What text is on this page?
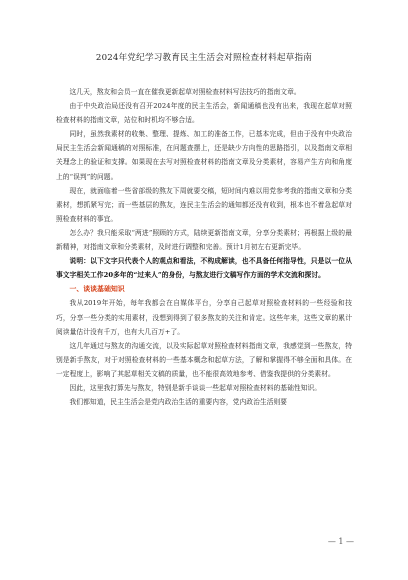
2024年党纪学习教育民主生活会对照检查材料起草指南

这几天，熬友和会员一直在催我更新起草对照检查材料写法技巧的指南文章。

由于中央政治局还没有召开2024年度的民主生活会，新闻通稿也没有出来，我现在起草对照检查材料的指南文章，站位和时机均不够合适。

同时，虽然我素材的收集、整理、提炼、加工的准备工作，已基本完成，但由于没有中央政治局民主生活会新闻通稿的对照标准，在问题查摆上，还是缺少方向性的思路指引，以及指南文章相关理念上的验证和支撑。如果现在去写对照检查材料的指南文章及分类素材，容易产生方向和角度上的“误判”的问题。

现在，就面临着一些省部级的熬友下周就要交稿，短时间内难以用党参考我的指南文章和分类素材，想抓紧写完；而一些基层的熬友，连民主生活会的通知都还没有收到，根本也不着急起草对照检查材料的事宜。

怎么办？我只能采取“两进”照顾的方式，陆续更新指南文章，分享分类素材；再根据上级的最新精神，对指南文章和分类素材，及时进行调整和完善。预计1月初左右更新完毕。

说明：以下文字只代表个人的观点和看法，不构成解读，也不具备任何指导性，只是以一位从事文字相关工作20多年的“过来人”的身份，与熬友进行文稿写作方面的学术交流和探讨。

一、谈谈基础知识

我从2019年开始，每年我都会在自媒体平台，分享自己起草对照检查材料的一些经验和技巧，分享一些分类的实用素材，没想到得到了很多熬友的关注和肯定。这些年来，这些文章的累计阅读量估计没有千万，也有大几百万+了。

这几年通过与熬友的沟通交流，以及实际起草对照检查材料指南文章，我感觉到一些熬友，特别是新手熬友，对于对照检查材料的一些基本概念和起草方法，了解和掌握得不够全面和具体。在一定程度上，影响了其起草相关文稿的质量，也不能很高效地参考、借鉴我提供的分类素材。

因此，这里我打算先与熬友，特别是新手谈谈一些起草对照检查材料的基础性知识。

我们都知道，民主生活会是党内政治生活的重要内容，党内政治生活则要

— 1 —
